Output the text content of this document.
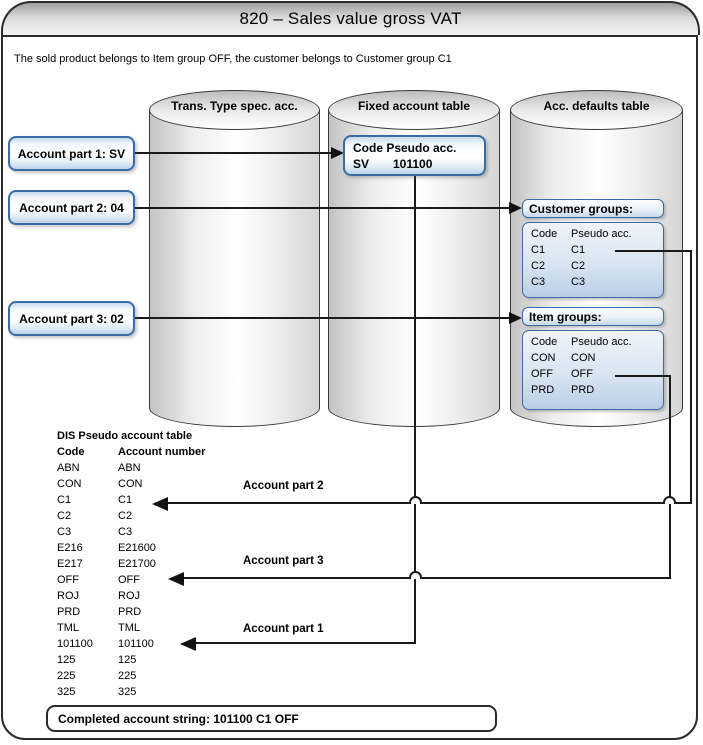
820 – Sales value gross VAT
The sold product belongs to Item group OFF, the customer belongs to Customer group C1
Trans. Type spec. acc.	Fixed account table	Acc. defaults table
Account part 1: SV
Account part 2: 04
Account part 3: 02
Code Pseudo acc.
SV 101100
Customer groups:
Code Pseudo acc.
C1 C1
C2 C2
C3 C3
Item groups:
Code Pseudo acc.
CON CON
OFF OFF
PRD PRD
DIS Pseudo account table
Code	Account number
ABN	ABN
CON	CON
C1	C1
C2	C2
C3	C3
E216	E21600
E217	E21700
OFF	OFF
ROJ	ROJ
PRD	PRD
TML	TML
101100 101100
125	125
225	225
325	325
Account part 2
Account part 3
Account part 1
Completed account string: 101100 C1 OFF
